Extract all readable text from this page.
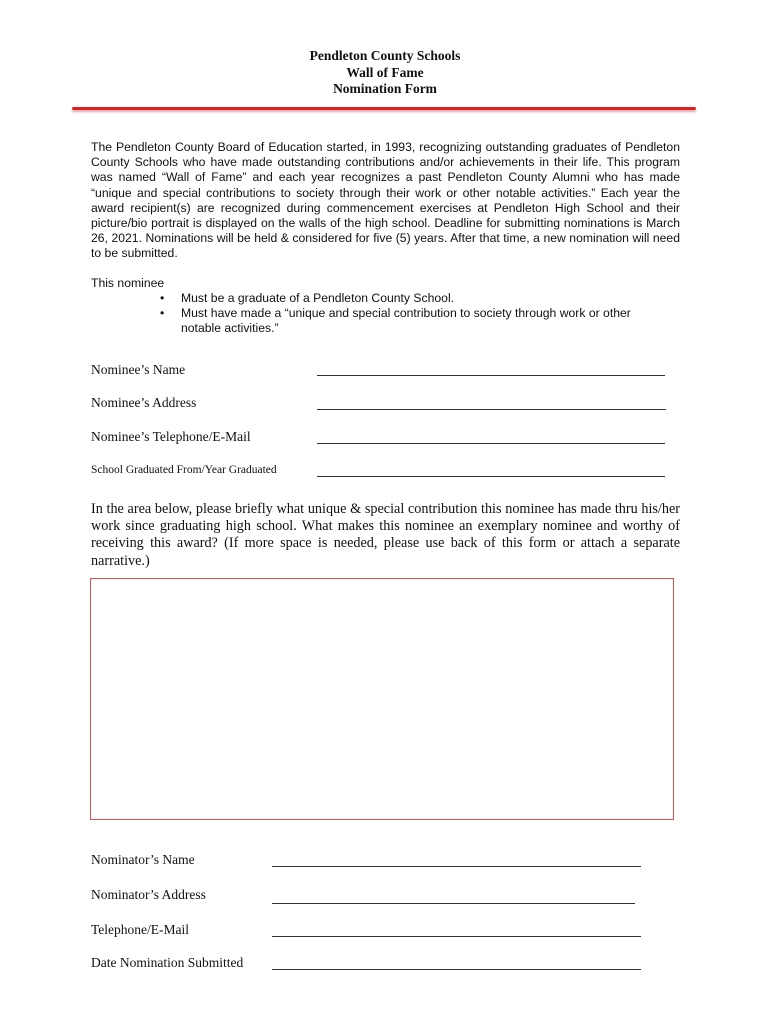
Pendleton County Schools
Wall of Fame
Nomination Form

The Pendleton County Board of Education started, in 1993, recognizing outstanding graduates of Pendleton County Schools who have made outstanding contributions and/or achievements in their life. This program was named “Wall of Fame” and each year recognizes a past Pendleton County Alumni who has made “unique and special contributions to society through their work or other notable activities.” Each year the award recipient(s) are recognized during commencement exercises at Pendleton High School and their picture/bio portrait is displayed on the walls of the high school. Deadline for submitting nominations is March 26, 2021. Nominations will be held & considered for five (5) years. After that time, a new nomination will need to be submitted.

This nominee
• Must be a graduate of a Pendleton County School.
• Must have made a “unique and special contribution to society through work or other notable activities.”
Nominee’s Name
Nominee’s Address
Nominee’s Telephone/E-Mail
School Graduated From/Year Graduated

In the area below, please briefly what unique & special contribution this nominee has made thru his/her work since graduating high school. What makes this nominee an exemplary nominee and worthy of receiving this award? (If more space is needed, please use back of this form or attach a separate narrative.)

Nominator’s Name
Nominator’s Address
Telephone/E-Mail
Date Nomination Submitted
